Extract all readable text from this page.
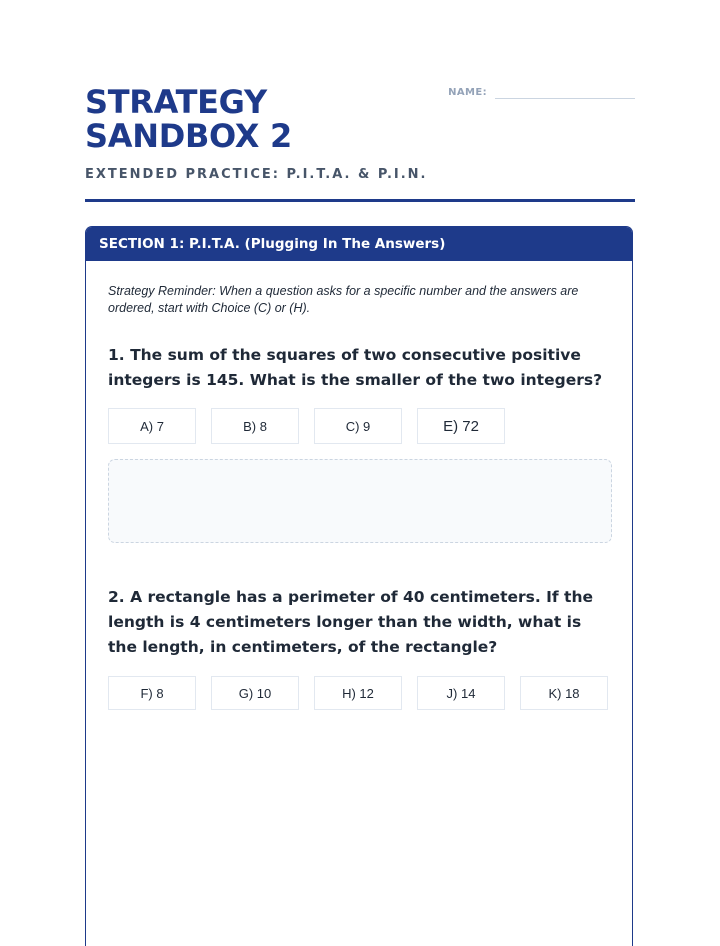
STRATEGY SANDBOX 2
NAME:
EXTENDED PRACTICE: P.I.T.A. & P.I.N.
SECTION 1: P.I.T.A. (Plugging In The Answers)

Strategy Reminder: When a question asks for a specific number and the answers are ordered, start with Choice (C) or (H).

1. The sum of the squares of two consecutive positive integers is 145. What is the smaller of the two integers?

A) 7	B) 8	C) 9	E) 72

2. A rectangle has a perimeter of 40 centimeters. If the length is 4 centimeters longer than the width, what is the length, in centimeters, of the rectangle?

F) 8	G) 10	H) 12	J) 14	K) 18
